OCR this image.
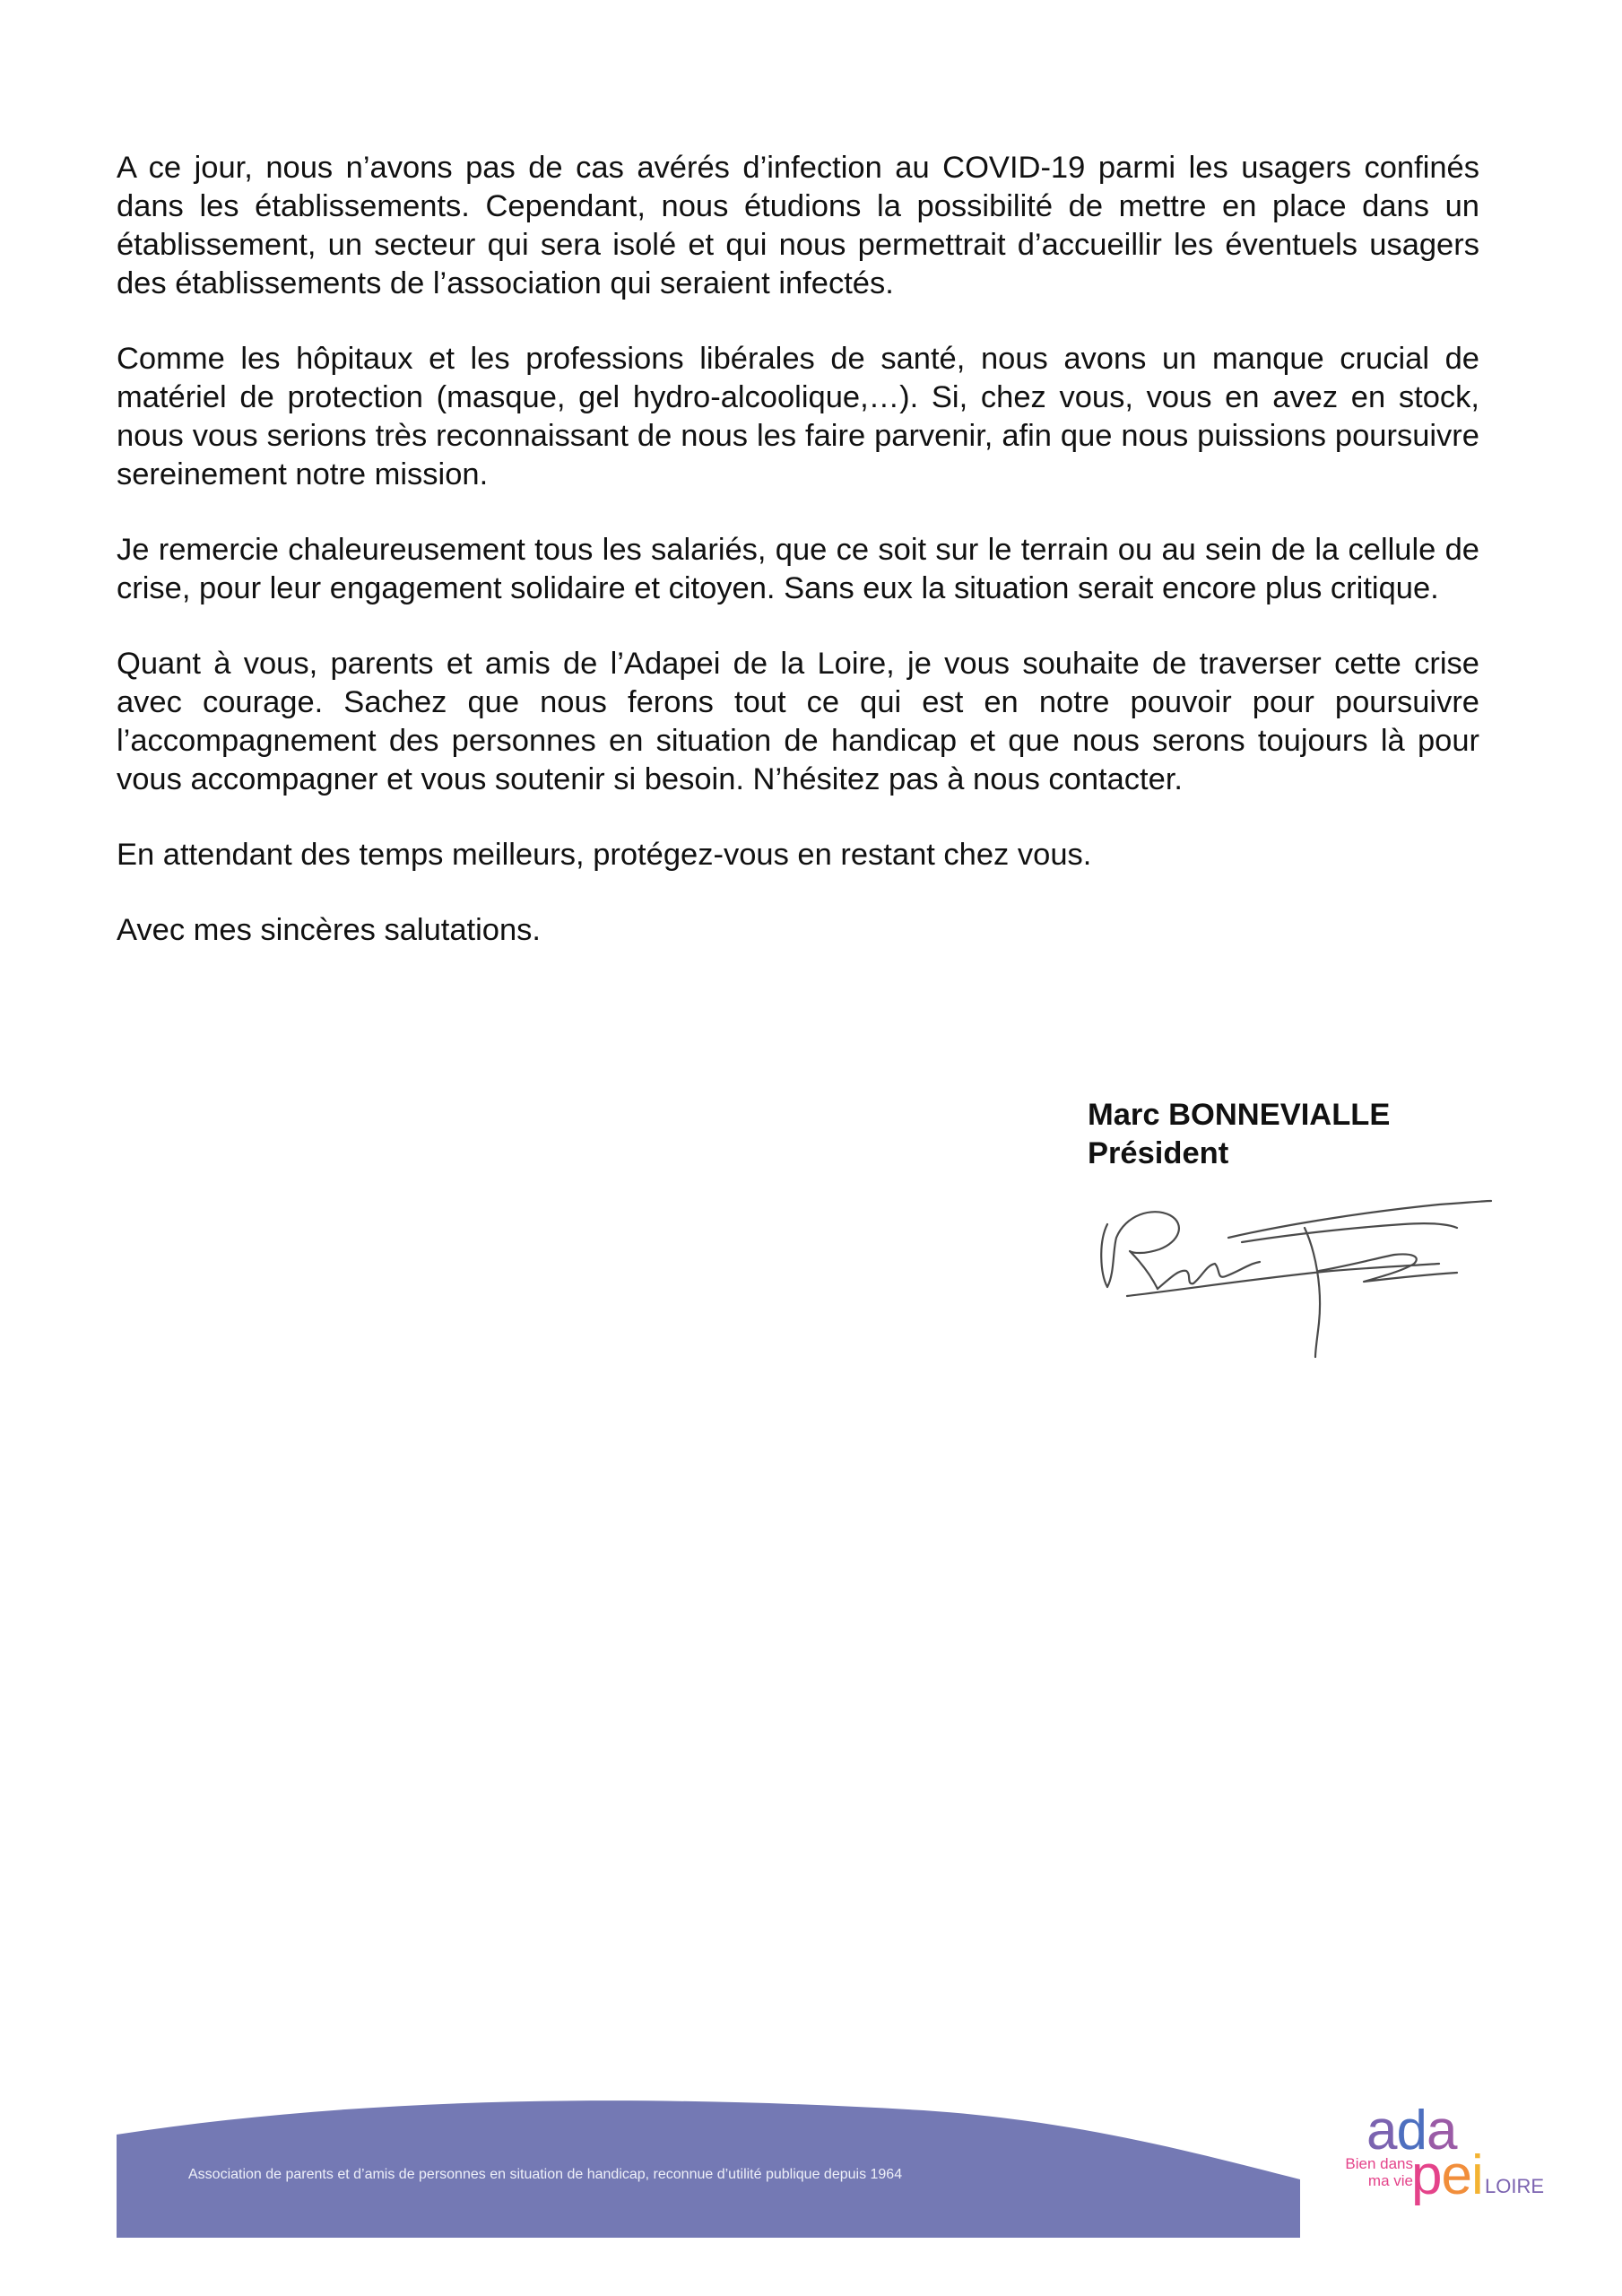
A ce jour, nous n’avons pas de cas avérés d’infection au COVID-19 parmi les usagers confinés dans les établissements. Cependant, nous étudions la possibilité de mettre en place dans un établissement, un secteur qui sera isolé et qui nous permettrait d’accueillir les éventuels usagers des établissements de l’association qui seraient infectés.

Comme les hôpitaux et les professions libérales de santé, nous avons un manque crucial de matériel de protection (masque, gel hydro-alcoolique,…). Si, chez vous, vous en avez en stock, nous vous serions très reconnaissant de nous les faire parvenir, afin que nous puissions poursuivre sereinement notre mission.

Je remercie chaleureusement tous les salariés, que ce soit sur le terrain ou au sein de la cellule de crise, pour leur engagement solidaire et citoyen. Sans eux la situation serait encore plus critique.

Quant à vous, parents et amis de l’Adapei de la Loire, je vous souhaite de traverser cette crise avec courage. Sachez que nous ferons tout ce qui est en notre pouvoir pour poursuivre l’accompagnement des personnes en situation de handicap et que nous serons toujours là pour vous accompagner et vous soutenir si besoin. N’hésitez pas à nous contacter.

En attendant des temps meilleurs, protégez-vous en restant chez vous.

Avec mes sincères salutations.

Marc BONNEVIALLE
Président
Association de parents et d’amis de personnes en situation de handicap, reconnue d’utilité publique depuis 1964
ada
Bien dans
ma vie
pei LOIRE
